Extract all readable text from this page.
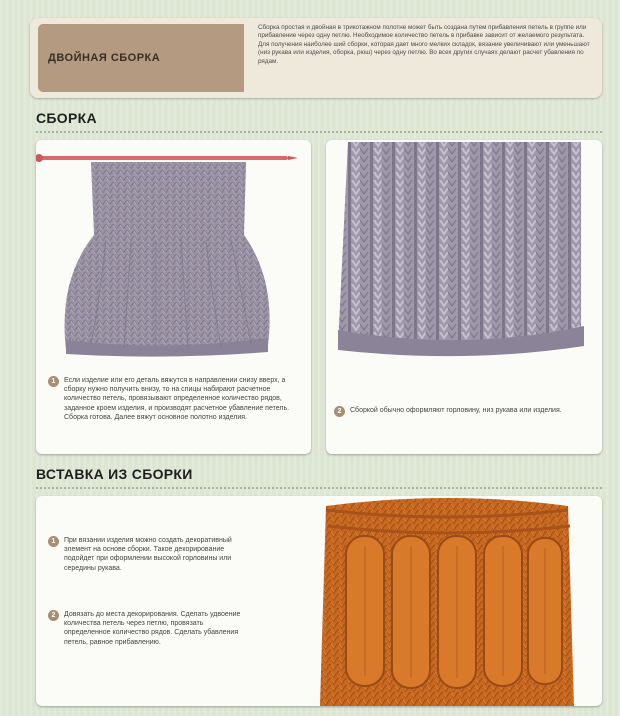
ДВОЙНАЯ СБОРКА
Сборка простая и двойная в трикотажном полотне может быть создана путем прибавления петель в группе или прибавление через одну петлю. Необходимое количество петель в прибавке зависит от желаемого результата. Для получения наиболее ший сборки, которая дает много мелких складок, вязание увеличивают или уменьшают (низ рукава или изделия, оборка, рюш) через одну петлю. Во всех других случаях делают расчет убавления по рядам.
СБОРКА
1	Если изделие или его деталь вяжутся в направлении снизу вверх, а сборку нужно получить внизу, то на спицы набирают расчетное количество петель, провязывают определенное количество рядов, заданное кроем изделия, и производят расчетное убавление петель. Сборка готова. Далее вяжут основное полотно изделия.
2	Сборкой обычно оформляют горловину, низ рукава или изделия.
ВСТАВКА ИЗ СБОРКИ
1	При вязании изделия можно создать декоративный элемент на основе сборки. Такое декорирование подойдет при оформлении высокой горловины или середины рукава.
2	Довязать до места декорирования. Сделать удвоение количества петель через петлю, провязать определенное количество рядов. Сделать убавления петель, равное прибавлению.
